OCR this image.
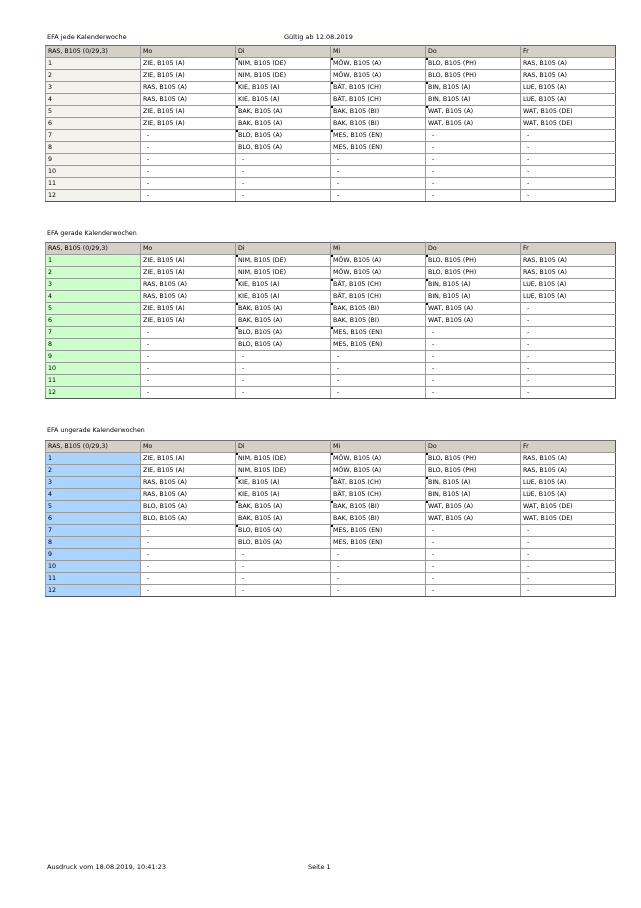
EFA jede Kalenderwoche	Gültig ab 12.08.2019
RAS, B105 (0/29,3)	Mo	Di	Mi	Do	Fr
1	ZIE, B105 (A)	NIM, B105 (DE)	MÖW, B105 (A)	BLO, B105 (PH)	RAS, B105 (A)
2	ZIE, B105 (A)	NIM, B105 (DE)	MÖW, B105 (A)	BLO, B105 (PH)	RAS, B105 (A)
3	RAS, B105 (A)	KIE, B105 (A)	BÄT, B105 (CH)	BIN, B105 (A)	LUE, B105 (A)
4	RAS, B105 (A)	KIE, B105 (A)	BÄT, B105 (CH)	BIN, B105 (A)	LUE, B105 (A)
5	ZIE, B105 (A)	BAK, B105 (A)	BAK, B105 (BI)	WAT, B105 (A)	WAT, B105 (DE)
6	ZIE, B105 (A)	BAK, B105 (A)	BAK, B105 (BI)	WAT, B105 (A)	WAT, B105 (DE)
7	-	BLO, B105 (A)	MES, B105 (EN)	-	-
8	-	BLO, B105 (A)	MES, B105 (EN)	-	-
9	-	-	-	-	-
10	-	-	-	-	-
11	-	-	-	-	-
12	-	-	-	-	-
EFA gerade Kalenderwochen
RAS, B105 (0/29,3)	Mo	Di	Mi	Do	Fr
1	ZIE, B105 (A)	NIM, B105 (DE)	MÖW, B105 (A)	BLO, B105 (PH)	RAS, B105 (A)
2	ZIE, B105 (A)	NIM, B105 (DE)	MÖW, B105 (A)	BLO, B105 (PH)	RAS, B105 (A)
3	RAS, B105 (A)	KIE, B105 (A)	BÄT, B105 (CH)	BIN, B105 (A)	LUE, B105 (A)
4	RAS, B105 (A)	KIE, B105 (A)	BÄT, B105 (CH)	BIN, B105 (A)	LUE, B105 (A)
5	ZIE, B105 (A)	BAK, B105 (A)	BAK, B105 (BI)	WAT, B105 (A)	-
6	ZIE, B105 (A)	BAK, B105 (A)	BAK, B105 (BI)	WAT, B105 (A)	-
7	-	BLO, B105 (A)	MES, B105 (EN)	-	-
8	-	BLO, B105 (A)	MES, B105 (EN)	-	-
9	-	-	-	-	-
10	-	-	-	-	-
11	-	-	-	-	-
12	-	-	-	-	-
EFA ungerade Kalenderwochen
RAS, B105 (0/29,3)	Mo	Di	Mi	Do	Fr
1	ZIE, B105 (A)	NIM, B105 (DE)	MÖW, B105 (A)	BLO, B105 (PH)	RAS, B105 (A)
2	ZIE, B105 (A)	NIM, B105 (DE)	MÖW, B105 (A)	BLO, B105 (PH)	RAS, B105 (A)
3	RAS, B105 (A)	KIE, B105 (A)	BÄT, B105 (CH)	BIN, B105 (A)	LUE, B105 (A)
4	RAS, B105 (A)	KIE, B105 (A)	BÄT, B105 (CH)	BIN, B105 (A)	LUE, B105 (A)
5	BLO, B105 (A)	BAK, B105 (A)	BAK, B105 (BI)	WAT, B105 (A)	WAT, B105 (DE)
6	BLO, B105 (A)	BAK, B105 (A)	BAK, B105 (BI)	WAT, B105 (A)	WAT, B105 (DE)
7	-	BLO, B105 (A)	MES, B105 (EN)	-	-
8	-	BLO, B105 (A)	MES, B105 (EN)	-	-
9	-	-	-	-	-
10	-	-	-	-	-
11	-	-	-	-	-
12	-	-	-	-	-
Ausdruck vom 18.08.2019, 10:41:23	Seite 1
